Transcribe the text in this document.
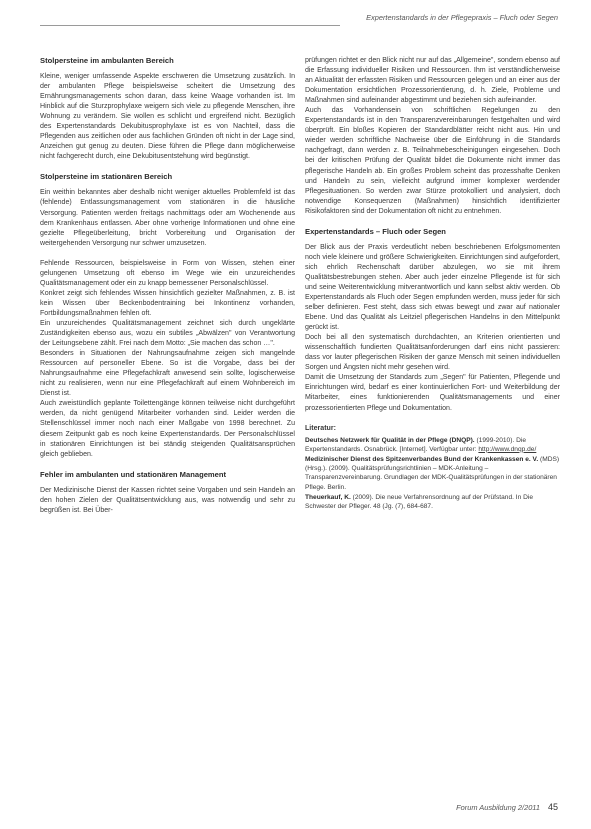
Expertenstandards in der Pflegepraxis – Fluch oder Segen
Stolpersteine im ambulanten Bereich

Kleine, weniger umfassende Aspekte erschweren die Umsetzung zusätzlich. In der ambulanten Pflege beispielsweise scheitert die Umsetzung des Ernährungsmanagements schon daran, dass keine Waage vorhanden ist. Im Hinblick auf die Sturzprophylaxe weigern sich viele zu pflegende Menschen, ihre Wohnung zu verändern. Sie wollen es schlicht und ergreifend nicht. Bezüglich des Expertenstandards Dekubitusprophylaxe ist es von Nachteil, dass die Pflegenden aus zeitlichen oder aus fachlichen Gründen oft nicht in der Lage sind, Anzeichen gut genug zu deuten. Diese führen die Pflege dann möglicherweise nicht fachgerecht durch, eine Dekubitusentstehung wird begünstigt.

Stolpersteine im stationären Bereich

Ein weithin bekanntes aber deshalb nicht weniger aktuelles Problemfeld ist das (fehlende) Entlassungsmanagement vom stationären in die häusliche Versorgung. Patienten werden freitags nachmittags oder am Wochenende aus dem Krankenhaus entlassen. Aber ohne vorherige Informationen und ohne eine gezielte Pflegeüberleitung, bricht Vorbereitung und Organisation der weitergehenden Versorgung nur schwer umzusetzen.

Fehlende Ressourcen, beispielsweise in Form von Wissen, stehen einer gelungenen Umsetzung oft ebenso im Wege wie ein unzureichendes Qualitätsmanagement oder ein zu knapp bemessener Personalschlüssel.

Konkret zeigt sich fehlendes Wissen hinsichtlich gezielter Maßnahmen, z. B. ist kein Wissen über Beckenbodentraining bei Inkontinenz vorhanden, Fortbildungsmaßnahmen fehlen oft.

Ein unzureichendes Qualitätsmanagement zeichnet sich durch ungeklärte Zuständigkeiten ebenso aus, wozu ein subtiles „Abwälzen" von Verantwortung der Leitungsebene zählt. Frei nach dem Motto: „Sie machen das schon …".

Besonders in Situationen der Nahrungsaufnahme zeigen sich mangelnde Ressourcen auf personeller Ebene. So ist die Vorgabe, dass bei der Nahrungsaufnahme eine Pflegefachkraft anwesend sein sollte, logischerweise nicht zu realisieren, wenn nur eine Pflegefachkraft auf einem Wohnbereich im Dienst ist.

Auch zweistündlich geplante Toilettengänge können teilweise nicht durchgeführt werden, da nicht genügend Mitarbeiter vorhanden sind. Leider werden die Stellenschlüssel immer noch nach einer Maßgabe von 1998 berechnet. Zu diesem Zeitpunkt gab es noch keine Expertenstandards. Der Personalschlüssel in stationären Einrichtungen ist bei ständig steigenden Qualitätsansprüchen gleich geblieben.

Fehler im ambulanten und stationären Management

Der Medizinische Dienst der Kassen richtet seine Vorgaben und sein Handeln an den hohen Zielen der Qualitätsentwicklung aus, was notwendig und sehr zu begrüßen ist. Bei Über-

prüfungen richtet er den Blick nicht nur auf das „Allgemeine", sondern ebenso auf die Erfassung individueller Risiken und Ressourcen. Ihm ist verständlicherweise an Aktualität der erfassten Risiken und Ressourcen gelegen und an einer aus der Dokumentation ersichtlichen Prozessorientierung, d. h. Ziele, Probleme und Maßnahmen sind aufeinander abgestimmt und beziehen sich aufeinander.

Auch das Vorhandensein von schriftlichen Regelungen zu den Expertenstandards ist in den Transparenzvereinbarungen festgehalten und wird überprüft. Ein bloßes Kopieren der Standardblätter reicht nicht aus. Hin und wieder werden schriftliche Nachweise über die Einführung in die Standards nachgefragt, dann werden z. B. Teilnahmebescheinigungen eingesehen. Doch bei der kritischen Prüfung der Qualität bildet die Dokumente nicht immer das pflegerische Handeln ab. Ein großes Problem scheint das prozesshafte Denken und Handeln zu sein, vielleicht aufgrund immer komplexer werdender Pflegesituationen. So werden zwar Stürze protokolliert und analysiert, doch notwendige Konsequenzen (Maßnahmen) hinsichtlich identifizierter Risikofaktoren sind der Dokumentation oft nicht zu entnehmen.

Expertenstandards – Fluch oder Segen

Der Blick aus der Praxis verdeutlicht neben beschriebenen Erfolgsmomenten noch viele kleinere und größere Schwierigkeiten. Einrichtungen sind aufgefordert, sich ehrlich Rechenschaft darüber abzulegen, wo sie mit ihrem Qualitätsbestrebungen stehen. Aber auch jeder einzelne Pflegende ist für sich und seine Weiterentwicklung mitverantwortlich und kann selbst aktiv werden. Ob Expertenstandards als Fluch oder Segen empfunden werden, muss jeder für sich selber definieren. Fest steht, dass sich etwas bewegt und zwar auf nationaler Ebene. Und das Qualität als Leitziel pflegerischen Handelns in den Mittelpunkt gerückt ist.

Doch bei all den systematisch durchdachten, an Kriterien orientierten und wissenschaftlich fundierten Qualitätsanforderungen darf eins nicht passieren: dass vor lauter pflegerischen Risiken der ganze Mensch mit seinen individuellen Sorgen und Ängsten nicht mehr gesehen wird.

Damit die Umsetzung der Standards zum „Segen" für Patienten, Pflegende und Einrichtungen wird, bedarf es einer kontinuierlichen Fort- und Weiterbildung der Mitarbeiter, eines funktionierenden Qualitätsmanagements und einer prozessorientierten Pflege und Dokumentation.

Literatur:
Deutsches Netzwerk für Qualität in der Pflege (DNQP). (1999-2010). Die Expertenstandards. Osnabrück. [Internet]. Verfügbar unter: http://www.dnqp.de/
Medizinischer Dienst des Spitzenverbandes Bund der Krankenkassen e. V. (MDS) (Hrsg.). (2009). Qualitätsprüfungsrichtlinien – MDK-Anleitung – Transparenzvereinbarung. Grundlagen der MDK-Qualitätsprüfungen in der stationären Pflege. Berlin.
Theuerkauf, K. (2009). Die neue Verfahrensordnung auf der Prüfstand. In Die Schwester der Pfleger. 48 (Jg. (7), 684-687.
Forum Ausbildung 2/2011 45
